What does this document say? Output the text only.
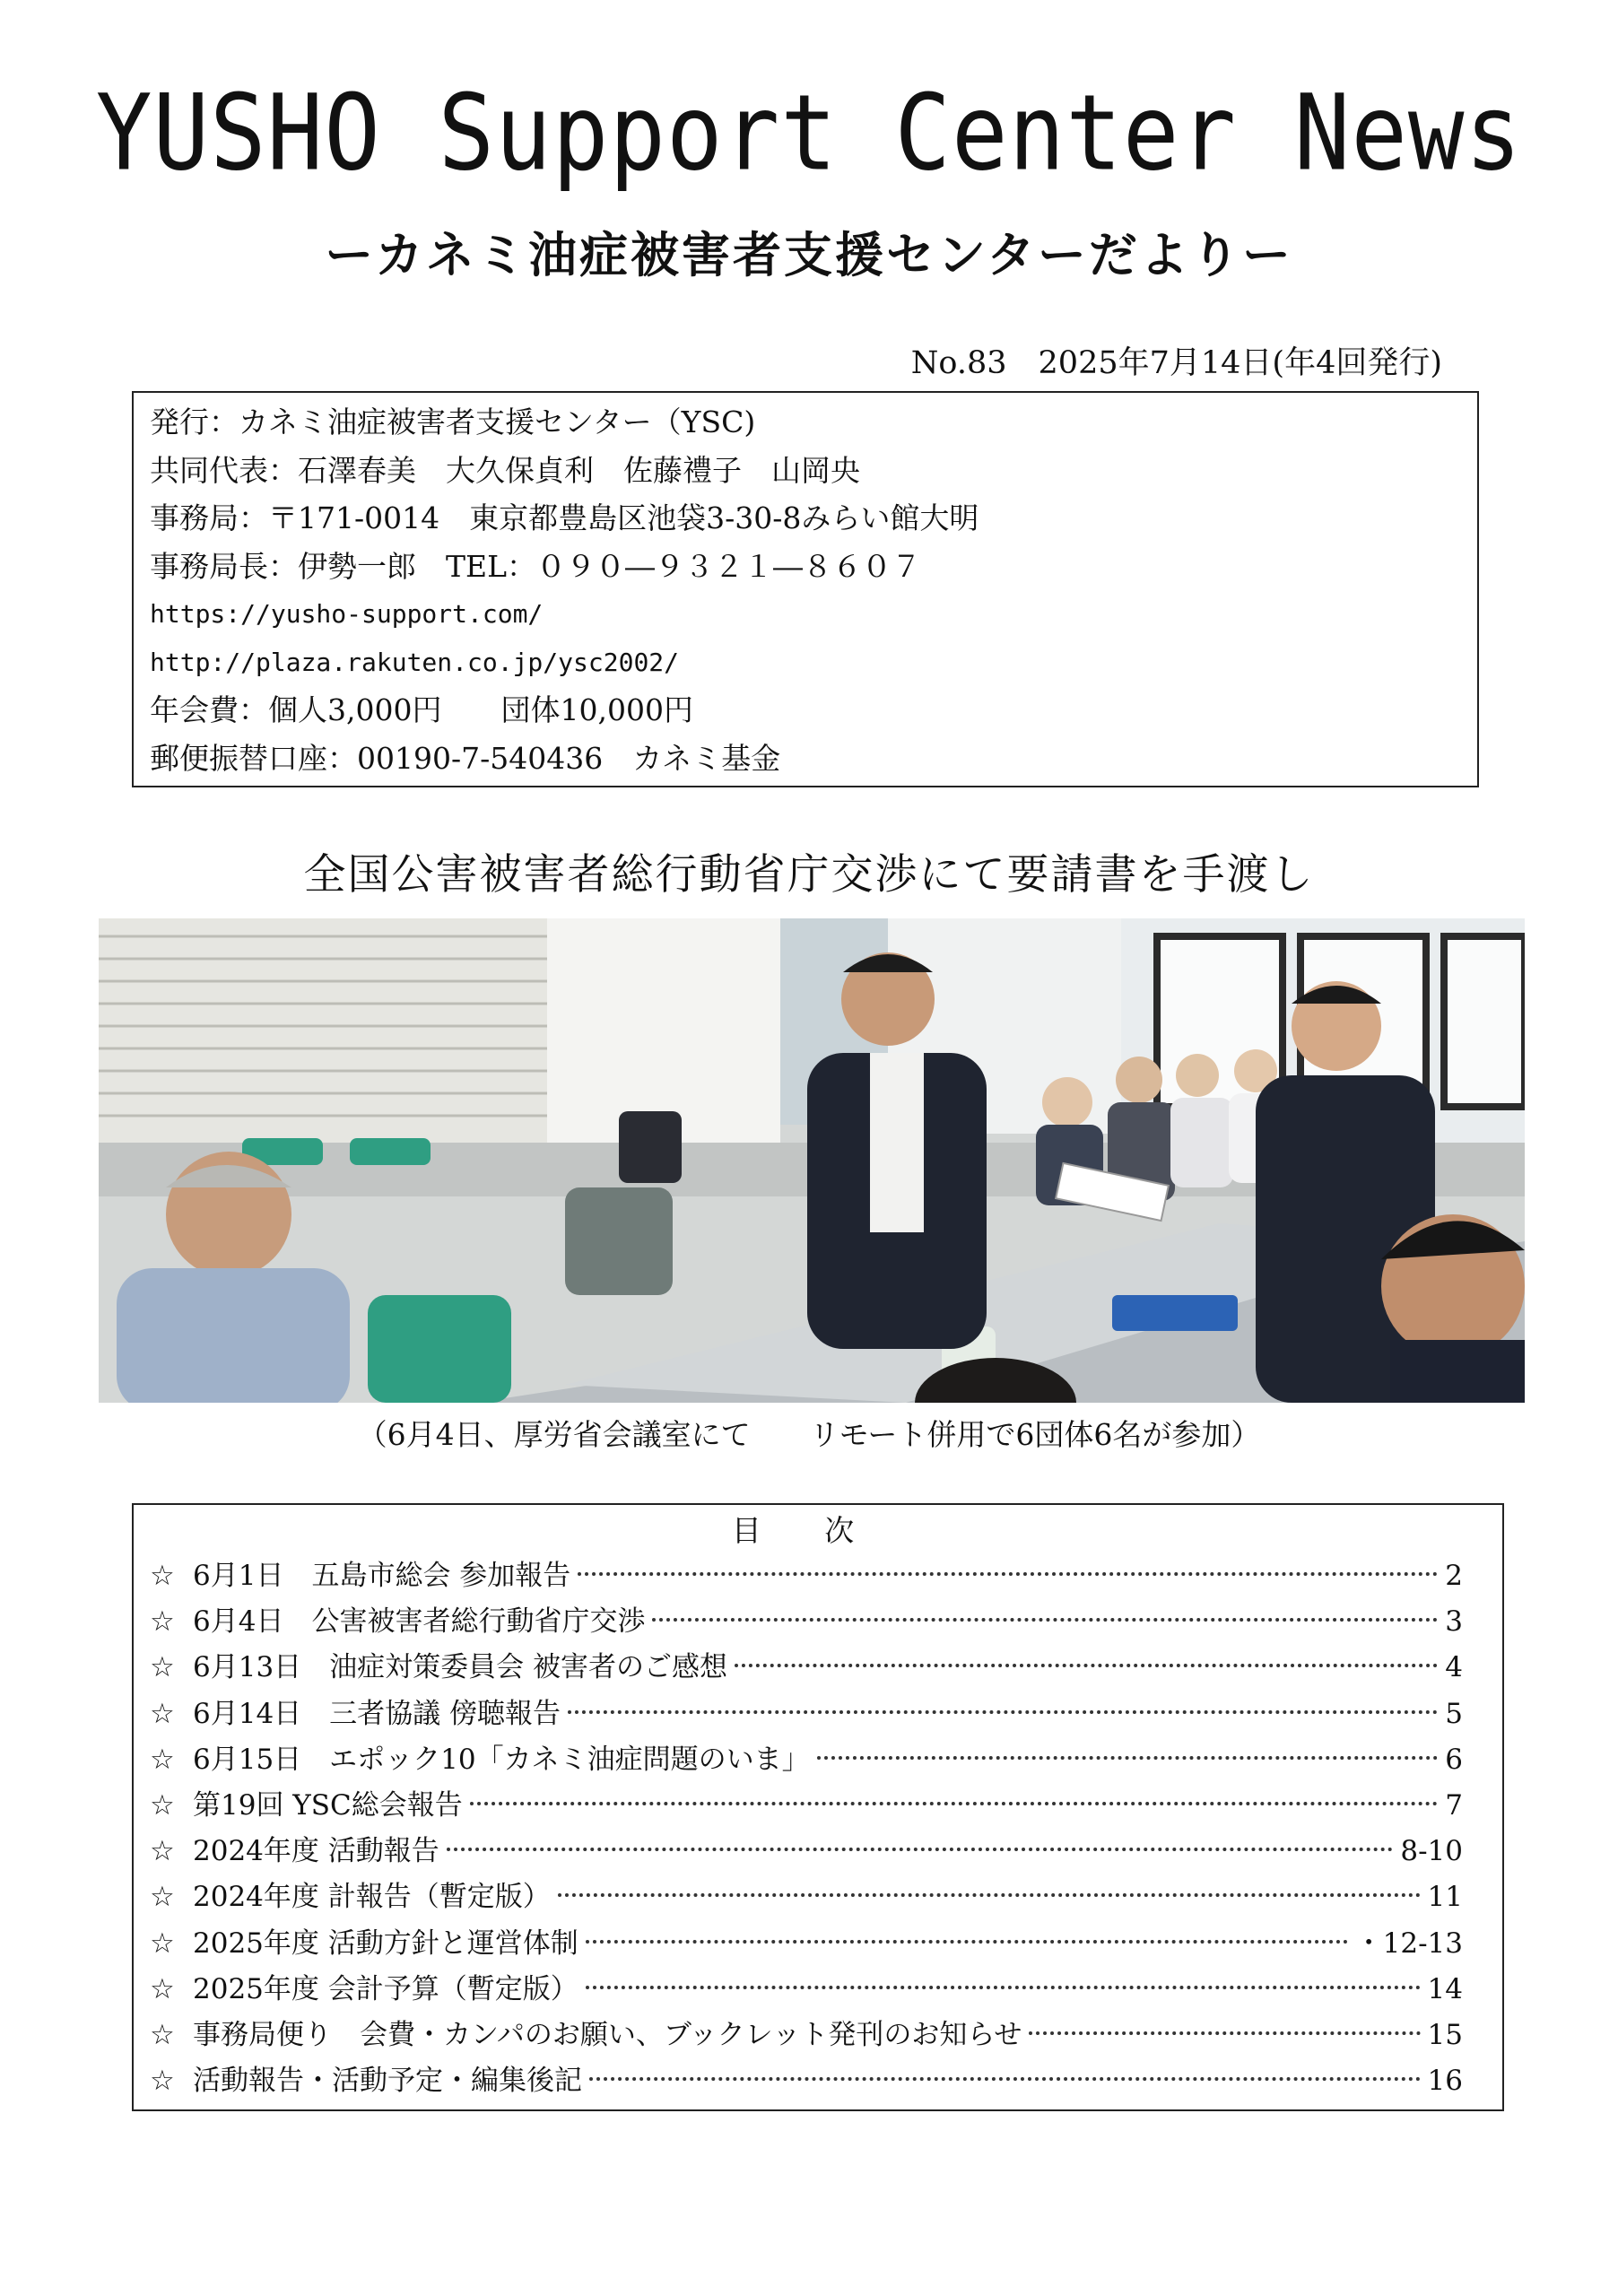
YUSHO Support Center News
ーカネミ油症被害者支援センターだよりー
No.83　2025年7月14日(年4回発行)
発行：カネミ油症被害者支援センター（YSC)
共同代表：石澤春美　大久保貞利　佐藤禮子　山岡央
事務局：〒171-0014　東京都豊島区池袋3-30-8みらい館大明
事務局長：伊勢一郎　TEL：０９０―９３２１―８６０７
https://yusho-support.com/
http://plaza.rakuten.co.jp/ysc2002/
年会費：個人3,000円　　団体10,000円
郵便振替口座：00190-7-540436　カネミ基金
全国公害被害者総行動省庁交渉にて要請書を手渡し
（6月4日、厚労省会議室にて　　リモート併用で6団体6名が参加）
目 次
☆ 6月1日　五島市総会 参加報告	2
☆ 6月4日　公害被害者総行動省庁交渉	3
☆ 6月13日　油症対策委員会 被害者のご感想	4
☆ 6月14日　三者協議 傍聴報告	5
☆ 6月15日　エポック10「カネミ油症問題のいま」	6
☆ 第19回 YSC総会報告	7
☆ 2024年度 活動報告	8-10
☆ 2024年度 計報告（暫定版）	11
☆ 2025年度 活動方針と運営体制	・12-13
☆ 2025年度 会計予算（暫定版）	14
☆ 事務局便り　会費・カンパのお願い、ブックレット発刊のお知らせ	15
☆ 活動報告・活動予定・編集後記	16
